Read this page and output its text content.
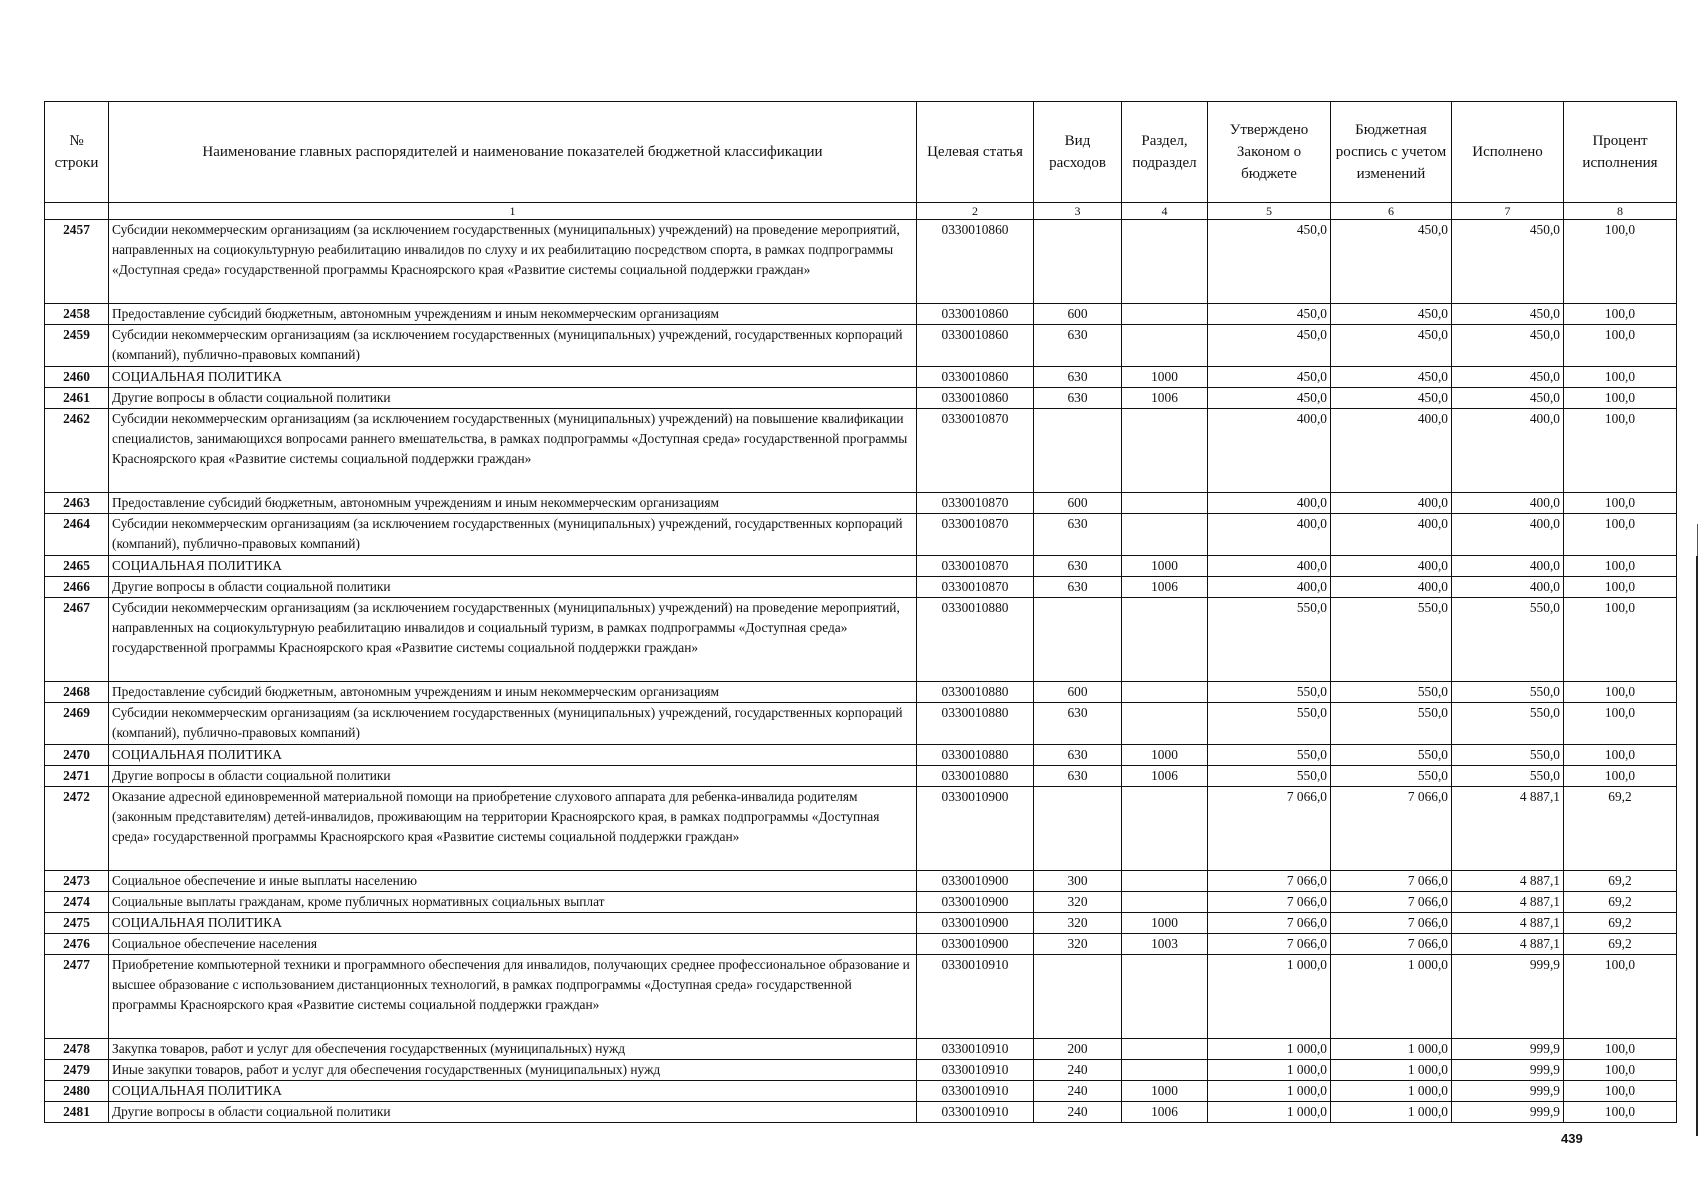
№ строки	Наименование главных распорядителей и наименование показателей бюджетной классификации	Целевая статья	Вид расходов	Раздел, подраздел	Утверждено Законом о бюджете	Бюджетная роспись с учетом изменений	Исполнено	Процент исполнения
	1	2	3	4	5	6	7	8
2457	Субсидии некоммерческим организациям (за исключением государственных (муниципальных) учреждений) на проведение мероприятий, направленных на социокультурную реабилитацию инвалидов по слуху и их реабилитацию посредством спорта, в рамках подпрограммы «Доступная среда» государственной программы Красноярского края «Развитие системы социальной поддержки граждан»	0330010860			450,0	450,0	450,0	100,0
2458	Предоставление субсидий бюджетным, автономным учреждениям и иным некоммерческим организациям	0330010860	600		450,0	450,0	450,0	100,0
2459	Субсидии некоммерческим организациям (за исключением государственных (муниципальных) учреждений, государственных корпораций (компаний), публично-правовых компаний)	0330010860	630		450,0	450,0	450,0	100,0
2460	СОЦИАЛЬНАЯ ПОЛИТИКА	0330010860	630	1000	450,0	450,0	450,0	100,0
2461	Другие вопросы в области социальной политики	0330010860	630	1006	450,0	450,0	450,0	100,0
2462	Субсидии некоммерческим организациям (за исключением государственных (муниципальных) учреждений) на повышение квалификации специалистов, занимающихся вопросами раннего вмешательства, в рамках подпрограммы «Доступная среда» государственной программы Красноярского края «Развитие системы социальной поддержки граждан»	0330010870			400,0	400,0	400,0	100,0
2463	Предоставление субсидий бюджетным, автономным учреждениям и иным некоммерческим организациям	0330010870	600		400,0	400,0	400,0	100,0
2464	Субсидии некоммерческим организациям (за исключением государственных (муниципальных) учреждений, государственных корпораций (компаний), публично-правовых компаний)	0330010870	630		400,0	400,0	400,0	100,0
2465	СОЦИАЛЬНАЯ ПОЛИТИКА	0330010870	630	1000	400,0	400,0	400,0	100,0
2466	Другие вопросы в области социальной политики	0330010870	630	1006	400,0	400,0	400,0	100,0
2467	Субсидии некоммерческим организациям (за исключением государственных (муниципальных) учреждений) на проведение мероприятий, направленных на социокультурную реабилитацию инвалидов и социальный туризм, в рамках подпрограммы «Доступная среда» государственной программы Красноярского края «Развитие системы социальной поддержки граждан»	0330010880			550,0	550,0	550,0	100,0
2468	Предоставление субсидий бюджетным, автономным учреждениям и иным некоммерческим организациям	0330010880	600		550,0	550,0	550,0	100,0
2469	Субсидии некоммерческим организациям (за исключением государственных (муниципальных) учреждений, государственных корпораций (компаний), публично-правовых компаний)	0330010880	630		550,0	550,0	550,0	100,0
2470	СОЦИАЛЬНАЯ ПОЛИТИКА	0330010880	630	1000	550,0	550,0	550,0	100,0
2471	Другие вопросы в области социальной политики	0330010880	630	1006	550,0	550,0	550,0	100,0
2472	Оказание адресной единовременной материальной помощи на приобретение слухового аппарата для ребенка-инвалида родителям (законным представителям) детей-инвалидов, проживающим на территории Красноярского края, в рамках подпрограммы «Доступная среда» государственной программы Красноярского края «Развитие системы социальной поддержки граждан»	0330010900			7 066,0	7 066,0	4 887,1	69,2
2473	Социальное обеспечение и иные выплаты населению	0330010900	300		7 066,0	7 066,0	4 887,1	69,2
2474	Социальные выплаты гражданам, кроме публичных нормативных социальных выплат	0330010900	320		7 066,0	7 066,0	4 887,1	69,2
2475	СОЦИАЛЬНАЯ ПОЛИТИКА	0330010900	320	1000	7 066,0	7 066,0	4 887,1	69,2
2476	Социальное обеспечение населения	0330010900	320	1003	7 066,0	7 066,0	4 887,1	69,2
2477	Приобретение компьютерной техники и программного обеспечения для инвалидов, получающих среднее профессиональное образование и высшее образование с использованием дистанционных технологий, в рамках подпрограммы «Доступная среда» государственной программы Красноярского края «Развитие системы социальной поддержки граждан»	0330010910			1 000,0	1 000,0	999,9	100,0
2478	Закупка товаров, работ и услуг для обеспечения государственных (муниципальных) нужд	0330010910	200		1 000,0	1 000,0	999,9	100,0
2479	Иные закупки товаров, работ и услуг для обеспечения государственных (муниципальных) нужд	0330010910	240		1 000,0	1 000,0	999,9	100,0
2480	СОЦИАЛЬНАЯ ПОЛИТИКА	0330010910	240	1000	1 000,0	1 000,0	999,9	100,0
2481	Другие вопросы в области социальной политики	0330010910	240	1006	1 000,0	1 000,0	999,9	100,0
439
